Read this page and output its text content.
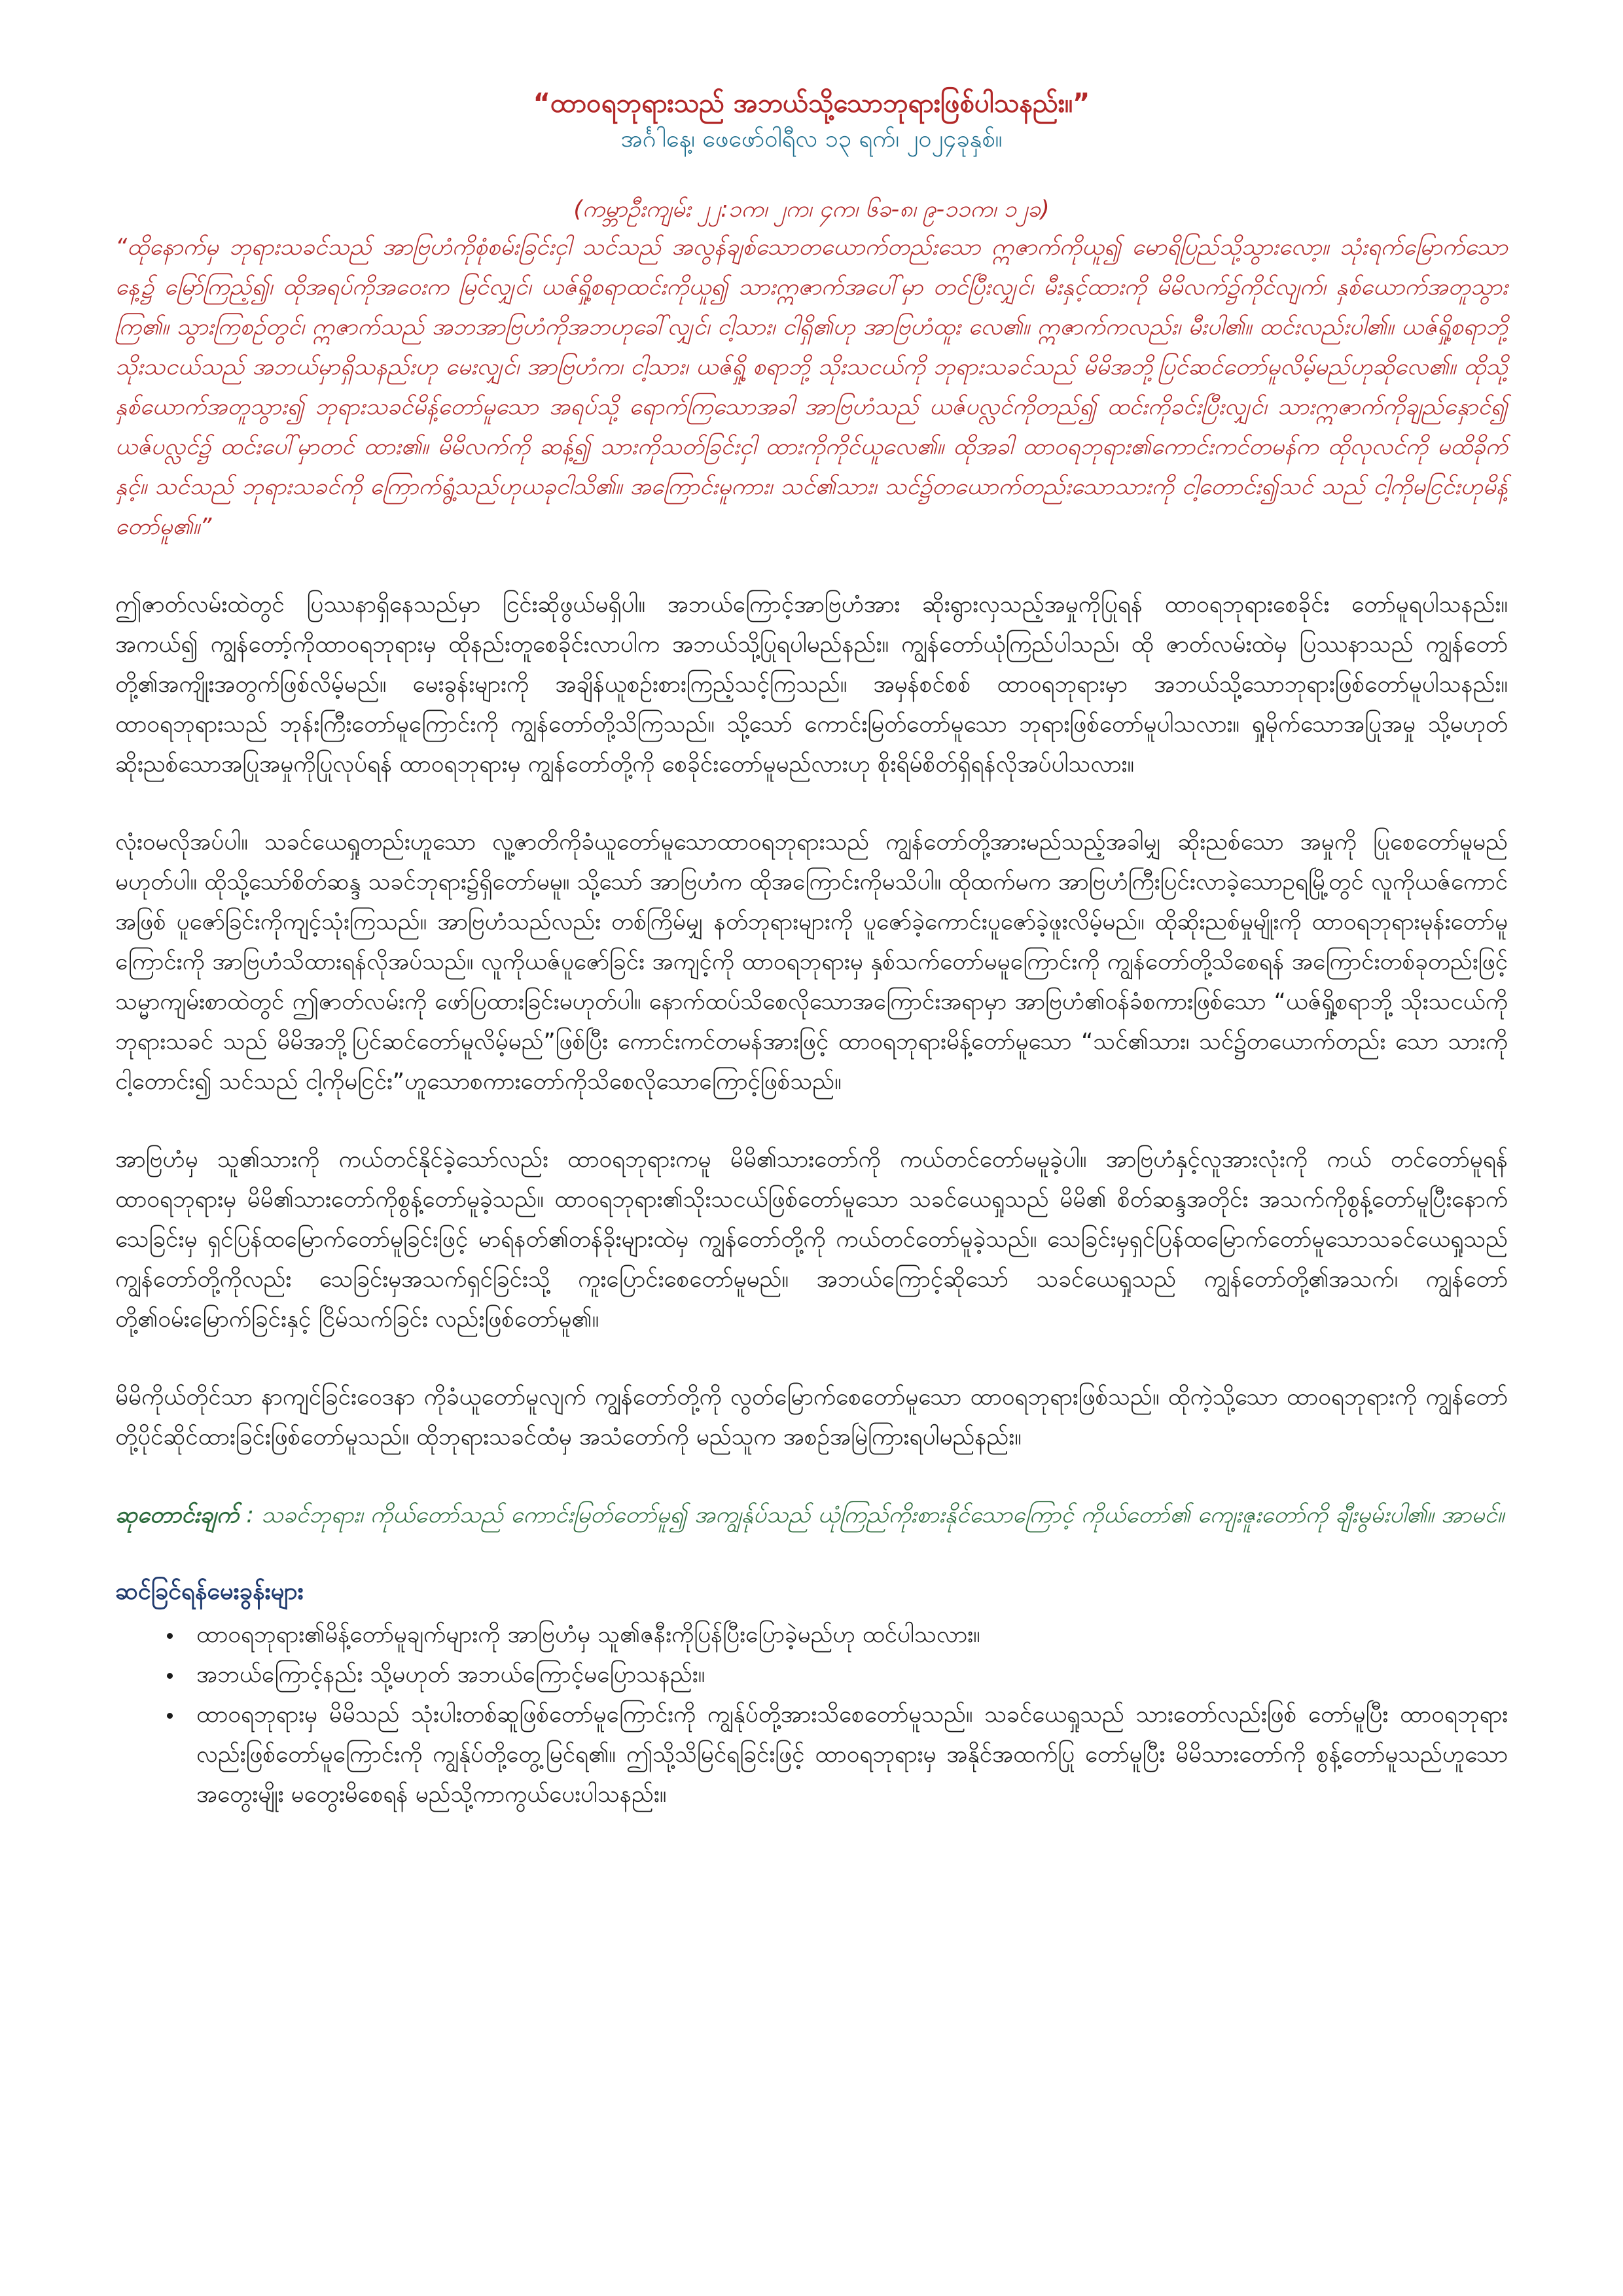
“ထာဝရဘုရားသည် အဘယ်သို့သောဘုရားဖြစ်ပါသနည်း။”

အင်္ဂါနေ့၊ ဖေဖော်ဝါရီလ ၁၃ ရက်၊ ၂၀၂၄ခုနှစ်။

(ကမ္ဘာဦးကျမ်း ၂၂:၁က၊ ၂က၊ ၄က၊ ၆ခ-၈၊ ၉-၁၁က၊ ၁၂ခ)

“ထိုနောက်မှ ဘုရားသခင်သည် အာဗြဟံကိုစုံစမ်းခြင်းငှါ သင်သည် အလွန်ချစ်သောတယောက်တည်းသော ဣဇာက်ကိုယူ၍ မောရိပြည်သို့သွားလော့။ သုံးရက်မြောက်သောနေ့၌ မြော်ကြည့်၍၊ ထိုအရပ်ကိုအဝေးက မြင်လျှင်၊ ယဇ်ရှို့စရာထင်းကိုယူ၍ သားဣဇာက်အပေါ်မှာ တင်ပြီးလျှင်၊ မီးနှင့်ထားကို မိမိလက်၌ကိုင်လျက်၊ နှစ်ယောက်အတူသွားကြ၏။ သွားကြစဉ်တွင်၊ ဣဇာက်သည် အဘအာဗြဟံကိုအဘဟုခေါ်လျှင်၊ ငါ့သား၊ ငါရှိ၏ဟု အာဗြဟံထူး လေ၏။ ဣဇာက်ကလည်း၊ မီးပါ၏။ ထင်းလည်းပါ၏။ ယဇ်ရှို့စရာဘို့ သိုးသငယ်သည် အဘယ်မှာရှိသနည်းဟု မေးလျှင်၊ အာဗြဟံက၊ ငါ့သား၊ ယဇ်ရှို့ စရာဘို့ သိုးသငယ်ကို ဘုရားသခင်သည် မိမိအဘို့ပြင်ဆင်တော်မူလိမ့်မည်ဟုဆိုလေ၏။ ထိုသို့နှစ်ယောက်အတူသွား၍ ဘုရားသခင်မိန့်တော်မူသော အရပ်သို့ ရောက်ကြသောအခါ အာဗြဟံသည် ယဇ်ပလ္လင်ကိုတည်၍ ထင်းကိုခင်းပြီးလျှင်၊ သားဣဇာက်ကိုချည်နှောင်၍ ယဇ်ပလ္လင်၌ ထင်းပေါ်မှာတင် ထား၏။ မိမိလက်ကို ဆန့်၍ သားကိုသတ်ခြင်းငှါ ထားကိုကိုင်ယူလေ၏။ ထိုအခါ ထာဝရဘုရား၏ကောင်းကင်တမန်က ထိုလုလင်ကို မထိခိုက်နှင့်။ သင်သည် ဘုရားသခင်ကို ကြောက်ရွံ့သည်ဟုယခုငါသိ၏။ အကြောင်းမူကား၊ သင်၏သား၊ သင်၌တယောက်တည်းသောသားကို ငါ့တောင်း၍သင် သည် ငါ့ကိုမငြင်းဟုမိန့်တော်မူ၏။”

ဤဇာတ်လမ်းထဲတွင် ပြဿနာရှိနေသည်မှာ ငြင်းဆိုဖွယ်မရှိပါ။ အဘယ်ကြောင့်အာဗြဟံအား ဆိုးရွားလှသည့်အမှုကိုပြုရန် ထာဝရဘုရားစေခိုင်း တော်မူရပါသနည်း။ အကယ်၍ ကျွန်တော့်ကိုထာဝရဘုရားမှ ထိုနည်းတူစေခိုင်းလာပါက အဘယ်သို့ပြုရပါမည်နည်း။ ကျွန်တော်ယုံကြည်ပါသည်၊ ထို ဇာတ်လမ်းထဲမှ ပြဿနာသည် ကျွန်တော်တို့၏အကျိုးအတွက်ဖြစ်လိမ့်မည်။ မေးခွန်းများကို အချိန်ယူစဉ်းစားကြည့်သင့်ကြသည်။ အမှန်စင်စစ် ထာဝရဘုရားမှာ အဘယ်သို့သောဘုရားဖြစ်တော်မူပါသနည်း။ ထာဝရဘုရားသည် ဘုန်းကြီးတော်မူကြောင်းကို ကျွန်တော်တို့သိကြသည်။ သို့သော် ကောင်းမြတ်တော်မူသော ဘုရားဖြစ်တော်မူပါသလား။ ရှုမိုက်သောအပြုအမှု သို့မဟုတ် ဆိုးညစ်သောအပြုအမှုကိုပြုလုပ်ရန် ထာဝရဘုရားမှ ကျွန်တော်တို့ကို စေခိုင်းတော်မူမည်လားဟု စိုးရိမ်စိတ်ရှိရန်လိုအပ်ပါသလား။

လုံးဝမလိုအပ်ပါ။ သခင်ယေရှုတည်းဟူသော လူ့ဇာတိကိုခံယူတော်မူသောထာဝရဘုရားသည် ကျွန်တော်တို့အားမည်သည့်အခါမျှ ဆိုးညစ်သော အမှုကို ပြုစေတော်မူမည်မဟုတ်ပါ။ ထိုသို့သော်စိတ်ဆန္ဒ သခင်ဘုရား၌ရှိတော်မမူ။ သို့သော် အာဗြဟံက ထိုအကြောင်းကိုမသိပါ။ ထိုထက်မက အာဗြဟံကြီးပြင်းလာခဲ့သောဥရမြို့တွင် လူကိုယဇ်ကောင်အဖြစ် ပူဇော်ခြင်းကိုကျင့်သုံးကြသည်။ အာဗြဟံသည်လည်း တစ်ကြိမ်မျှ နတ်ဘုရားများကို ပူဇော်ခဲ့ကောင်းပူဇော်ခဲ့ဖူးလိမ့်မည်။ ထိုဆိုးညစ်မှုမျိုးကို ထာဝရဘုရားမုန်းတော်မူကြောင်းကို အာဗြဟံသိထားရန်လိုအပ်သည်။ လူကိုယဇ်ပူဇော်ခြင်း အကျင့်ကို ထာဝရဘုရားမှ နှစ်သက်တော်မမူကြောင်းကို ကျွန်တော်တို့သိစေရန် အကြောင်းတစ်ခုတည်းဖြင့် သမ္မာကျမ်းစာထဲတွင် ဤဇာတ်လမ်းကို ဖော်ပြထားခြင်းမဟုတ်ပါ။ နောက်ထပ်သိစေလိုသောအကြောင်းအရာမှာ အာဗြဟံ၏ဝန်ခံစကားဖြစ်သော “ယဇ်ရှို့စရာဘို့ သိုးသငယ်ကို ဘုရားသခင် သည် မိမိအဘို့ပြင်ဆင်တော်မူလိမ့်မည်”ဖြစ်ပြီး ကောင်းကင်တမန်အားဖြင့် ထာဝရဘုရားမိန့်တော်မူသော “သင်၏သား၊ သင်၌တယောက်တည်း သော သားကို ငါ့တောင်း၍ သင်သည် ငါ့ကိုမငြင်း”ဟူသောစကားတော်ကိုသိစေလိုသောကြောင့်ဖြစ်သည်။

အာဗြဟံမှ သူ၏သားကို ကယ်တင်နိုင်ခဲ့သော်လည်း ထာဝရဘုရားကမူ မိမိ၏သားတော်ကို ကယ်တင်တော်မမူခဲ့ပါ။ အာဗြဟံနှင့်လူအားလုံးကို ကယ် တင်တော်မူရန် ထာဝရဘုရားမှ မိမိ၏သားတော်ကိုစွန့်တော်မူခဲ့သည်။ ထာဝရဘုရား၏သိုးသငယ်ဖြစ်တော်မူသော သခင်ယေရှုသည် မိမိ၏ စိတ်ဆန္ဒအတိုင်း အသက်ကိုစွန့်တော်မူပြီးနောက် သေခြင်းမှ ရှင်ပြန်ထမြောက်တော်မူခြင်းဖြင့် မာရ်နတ်၏တန်ခိုးများထဲမှ ကျွန်တော်တို့ကို ကယ်တင်တော်မူခဲ့သည်။ သေခြင်းမှရှင်ပြန်ထမြောက်တော်မူသောသခင်ယေရှုသည် ကျွန်တော်တို့ကိုလည်း သေခြင်းမှအသက်ရှင်ခြင်းသို့ ကူးပြောင်းစေတော်မူမည်။ အဘယ်ကြောင့်ဆိုသော် သခင်ယေရှုသည် ကျွန်တော်တို့၏အသက်၊ ကျွန်တော်တို့၏ဝမ်းမြောက်ခြင်းနှင့် ငြိမ်သက်ခြင်း လည်းဖြစ်တော်မူ၏။

မိမိကိုယ်တိုင်သာ နာကျင်ခြင်းဝေဒနာ ကိုခံယူတော်မူလျက် ကျွန်တော်တို့ကို လွတ်မြောက်စေတော်မူသော ထာဝရဘုရားဖြစ်သည်။ ထိုကဲ့သို့သော ထာဝရဘုရားကို ကျွန်တော်တို့ပိုင်ဆိုင်ထားခြင်းဖြစ်တော်မူသည်။ ထိုဘုရားသခင်ထံမှ အသံတော်ကို မည်သူက အစဉ်အမြဲကြားရပါမည်နည်း။

ဆုတောင်းချက် : သခင်ဘုရား၊ ကိုယ်တော်သည် ကောင်းမြတ်တော်မူ၍ အကျွန်ုပ်သည် ယုံကြည်ကိုးစားနိုင်သောကြောင့် ကိုယ်တော်၏ ကျေးဇူးတော်ကို ချီးမွမ်းပါ၏။ အာမင်။

ဆင်ခြင်ရန်မေးခွန်းများ
• ထာဝရဘုရား၏မိန့်တော်မူချက်များကို အာဗြဟံမှ သူ၏ဇနီးကိုပြန်ပြီးပြောခဲ့မည်ဟု ထင်ပါသလား။
• အဘယ်ကြောင့်နည်း သို့မဟုတ် အဘယ်ကြောင့်မပြောသနည်း။
• ထာဝရဘုရားမှ မိမိသည် သုံးပါးတစ်ဆူဖြစ်တော်မူကြောင်းကို ကျွန်ုပ်တို့အားသိစေတော်မူသည်။ သခင်ယေရှုသည် သားတော်လည်းဖြစ် တော်မူပြီး ထာဝရဘုရားလည်းဖြစ်တော်မူကြောင်းကို ကျွန်ုပ်တို့တွေ့မြင်ရ၏။ ဤသို့သိမြင်ရခြင်းဖြင့် ထာဝရဘုရားမှ အနိုင်အထက်ပြု တော်မူပြီး မိမိသားတော်ကို စွန့်တော်မူသည်ဟူသောအတွေးမျိုး မတွေးမိစေရန် မည်သို့ကာကွယ်ပေးပါသနည်း။
